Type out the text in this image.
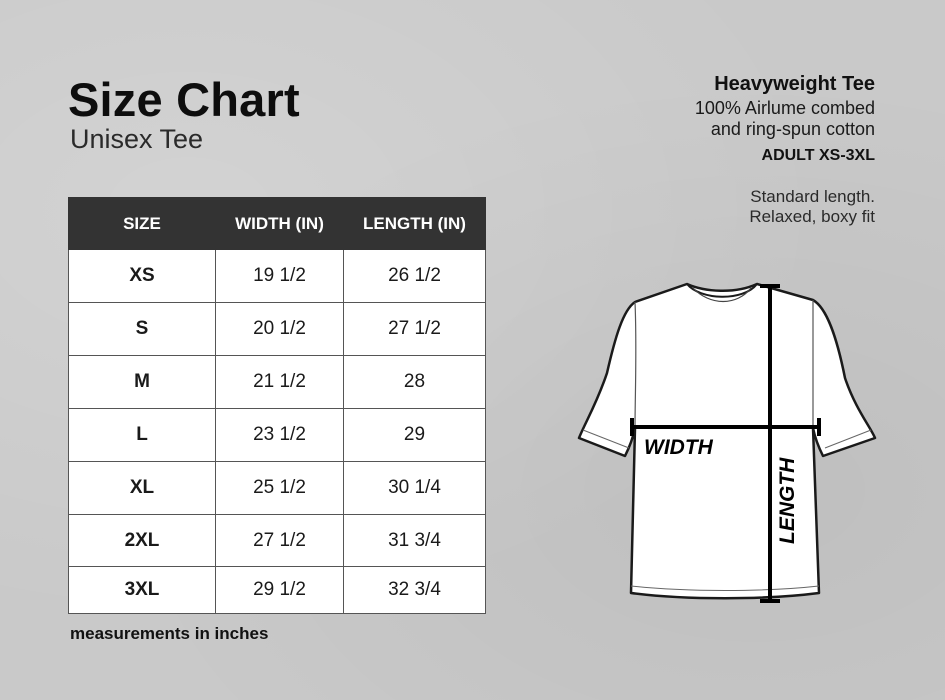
Size Chart
Unisex Tee
Heavyweight Tee
100% Airlume combed
and ring-spun cotton
ADULT XS-3XL
Standard length.
Relaxed, boxy fit
SIZE	WIDTH (IN)	LENGTH (IN)
XS	19 1/2	26 1/2
S	20 1/2	27 1/2
M	21 1/2	28
L	23 1/2	29
XL	25 1/2	30 1/4
2XL	27 1/2	31 3/4
3XL	29 1/2	32 3/4
measurements in inches
WIDTH
LENGTH
